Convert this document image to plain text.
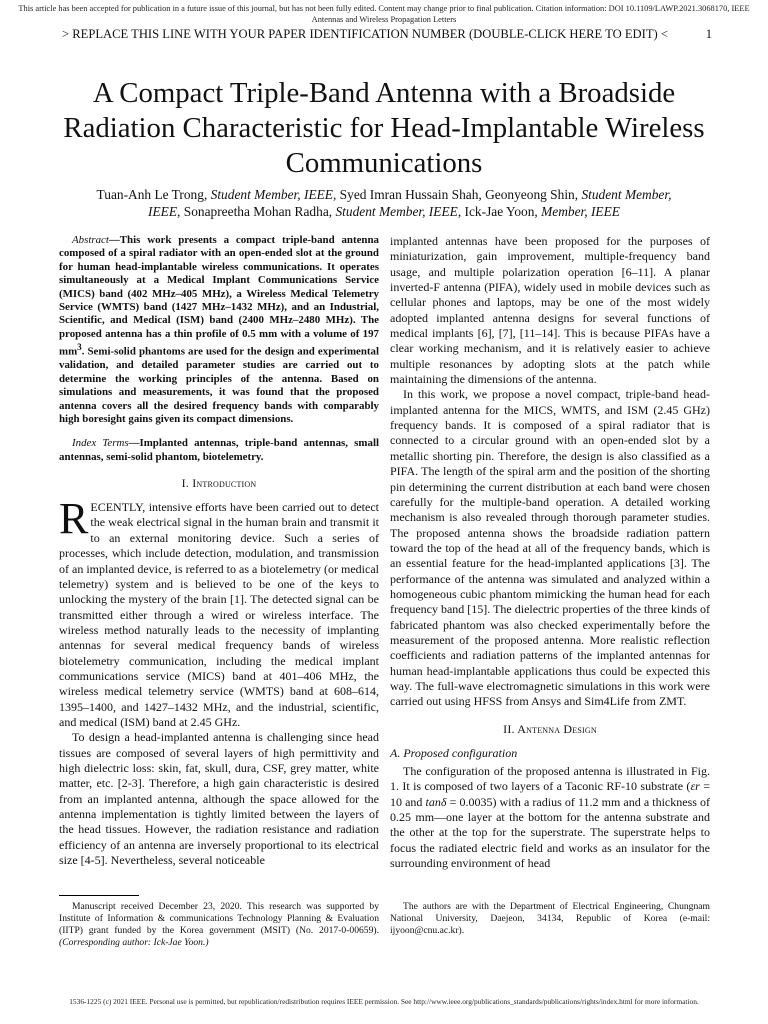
This article has been accepted for publication in a future issue of this journal, but has not been fully edited. Content may change prior to final publication. Citation information: DOI 10.1109/LAWP.2021.3068170, IEEE
Antennas and Wireless Propagation Letters
> REPLACE THIS LINE WITH YOUR PAPER IDENTIFICATION NUMBER (DOUBLE-CLICK HERE TO EDIT) <	1
A Compact Triple-Band Antenna with a Broadside Radiation Characteristic for Head-Implantable Wireless Communications
Tuan-Anh Le Trong, Student Member, IEEE, Syed Imran Hussain Shah, Geonyeong Shin, Student Member, IEEE, Sonapreetha Mohan Radha, Student Member, IEEE, Ick-Jae Yoon, Member, IEEE

Abstract—This work presents a compact triple-band antenna composed of a spiral radiator with an open-ended slot at the ground for human head-implantable wireless communications. It operates simultaneously at a Medical Implant Communications Service (MICS) band (402 MHz–405 MHz), a Wireless Medical Telemetry Service (WMTS) band (1427 MHz–1432 MHz), and an Industrial, Scientific, and Medical (ISM) band (2400 MHz–2480 MHz). The proposed antenna has a thin profile of 0.5 mm with a volume of 197 $mm^3$. Semi-solid phantoms are used for the design and experimental validation, and detailed parameter studies are carried out to determine the working principles of the antenna. Based on simulations and measurements, it was found that the proposed antenna covers all the desired frequency bands with comparably high boresight gains given its compact dimensions.

Index Terms—Implanted antennas, triple-band antennas, small antennas, semi-solid phantom, biotelemetry.

I. Introduction

RECENTLY, intensive efforts have been carried out to detect the weak electrical signal in the human brain and transmit it to an external monitoring device. Such a series of processes, which include detection, modulation, and transmission of an implanted device, is referred to as a biotelemetry (or medical telemetry) system and is believed to be one of the keys to unlocking the mystery of the brain [1]. The detected signal can be transmitted either through a wired or wireless interface. The wireless method naturally leads to the necessity of implanting antennas for several medical frequency bands of wireless biotelemetry communication, including the medical implant communications service (MICS) band at 401–406 MHz, the wireless medical telemetry service (WMTS) band at 608–614, 1395–1400, and 1427–1432 MHz, and the industrial, scientific, and medical (ISM) band at 2.45 GHz.

To design a head-implanted antenna is challenging since head tissues are composed of several layers of high permittivity and high dielectric loss: skin, fat, skull, dura, CSF, grey matter, white matter, etc. [2-3]. Therefore, a high gain characteristic is desired from an implanted antenna, although the space allowed for the antenna implementation is tightly limited between the layers of the head tissues. However, the radiation resistance and radiation efficiency of an antenna are inversely proportional to its electrical size [4-5]. Nevertheless, several noticeable

implanted antennas have been proposed for the purposes of miniaturization, gain improvement, multiple-frequency band usage, and multiple polarization operation [6–11]. A planar inverted-F antenna (PIFA), widely used in mobile devices such as cellular phones and laptops, may be one of the most widely adopted implanted antenna designs for several functions of medical implants [6], [7], [11–14]. This is because PIFAs have a clear working mechanism, and it is relatively easier to achieve multiple resonances by adopting slots at the patch while maintaining the dimensions of the antenna.

In this work, we propose a novel compact, triple-band head-implanted antenna for the MICS, WMTS, and ISM (2.45 GHz) frequency bands. It is composed of a spiral radiator that is connected to a circular ground with an open-ended slot by a metallic shorting pin. Therefore, the design is also classified as a PIFA. The length of the spiral arm and the position of the shorting pin determining the current distribution at each band were chosen carefully for the multiple-band operation. A detailed working mechanism is also revealed through thorough parameter studies. The proposed antenna shows the broadside radiation pattern toward the top of the head at all of the frequency bands, which is an essential feature for the head-implanted applications [3]. The performance of the antenna was simulated and analyzed within a homogeneous cubic phantom mimicking the human head for each frequency band [15]. The dielectric properties of the three kinds of fabricated phantom was also checked experimentally before the measurement of the proposed antenna. More realistic reflection coefficients and radiation patterns of the implanted antennas for human head-implantable applications thus could be expected this way. The full-wave electromagnetic simulations in this work were carried out using HFSS from Ansys and Sim4Life from ZMT.

II. Antenna Design

A. Proposed configuration

The configuration of the proposed antenna is illustrated in Fig. 1. It is composed of two layers of a Taconic RF-10 substrate (εr = 10 and tanδ = 0.0035) with a radius of 11.2 mm and a thickness of 0.25 mm—one layer at the bottom for the antenna substrate and the other at the top for the superstrate. The superstrate helps to focus the radiated electric field and works as an insulator for the surrounding environment of head

Manuscript received December 23, 2020. This research was supported by Institute of Information & communications Technology Planning & Evaluation (IITP) grant funded by the Korea government (MSIT) (No. 2017-0-00659). (Corresponding author: Ick-Jae Yoon.)

The authors are with the Department of Electrical Engineering, Chungnam National University, Daejeon, 34134, Republic of Korea (e-mail: ijyoon@cnu.ac.kr).

1536-1225 (c) 2021 IEEE. Personal use is permitted, but republication/redistribution requires IEEE permission. See http://www.ieee.org/publications_standards/publications/rights/index.html for more information.
